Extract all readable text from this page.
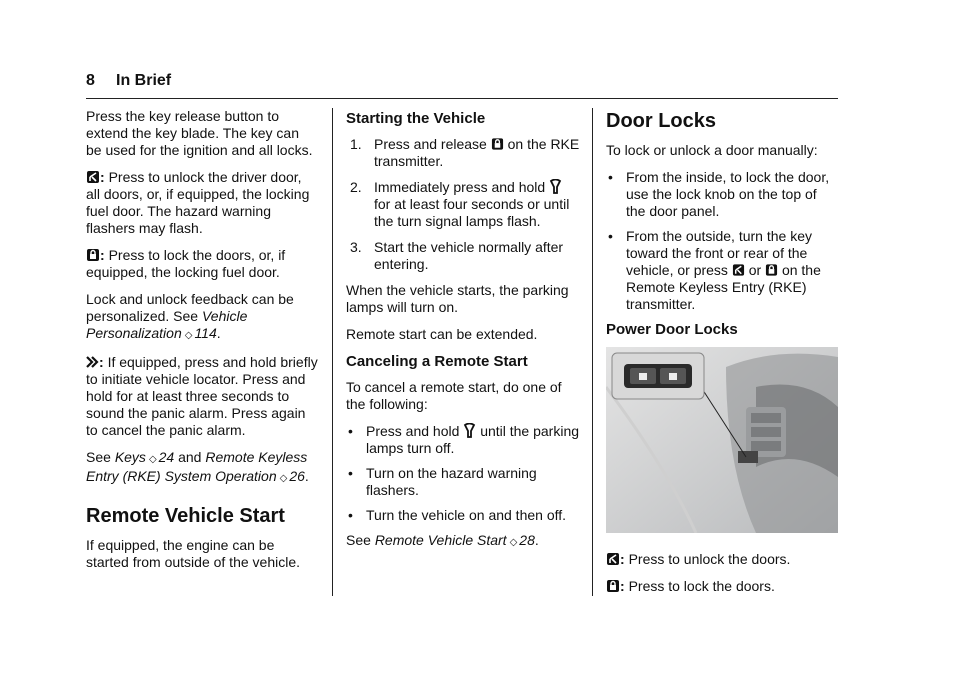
8 In Brief

Press the key release button to extend the key blade. The key can be used for the ignition and all locks.

: Press to unlock the driver door, all doors, or, if equipped, the locking fuel door. The hazard warning flashers may flash.

: Press to lock the doors, or, if equipped, the locking fuel door.

Lock and unlock feedback can be personalized. See Vehicle Personalization ◇ 114.

: If equipped, press and hold briefly to initiate vehicle locator. Press and hold for at least three seconds to sound the panic alarm. Press again to cancel the panic alarm.

See Keys ◇ 24 and Remote Keyless Entry (RKE) System Operation ◇ 26.

Remote Vehicle Start

If equipped, the engine can be started from outside of the vehicle.

Starting the Vehicle
1. Press and release on the RKE transmitter.
2. Immediately press and hold  for at least four seconds or until the turn signal lamps flash.
3. Start the vehicle normally after entering.

When the vehicle starts, the parking lamps will turn on.

Remote start can be extended.

Canceling a Remote Start

To cancel a remote start, do one of the following:

• Press and hold until the parking lamps turn off.
• Turn on the hazard warning flashers.
• Turn the vehicle on and then off.

See Remote Vehicle Start ◇ 28.

Door Locks

To lock or unlock a door manually:

• From the inside, to lock the door, use the lock knob on the top of the door panel.
• From the outside, turn the key toward the front or rear of the vehicle, or press or on the Remote Keyless Entry (RKE) transmitter.
Power Door Locks

: Press to unlock the doors.

: Press to lock the doors.
